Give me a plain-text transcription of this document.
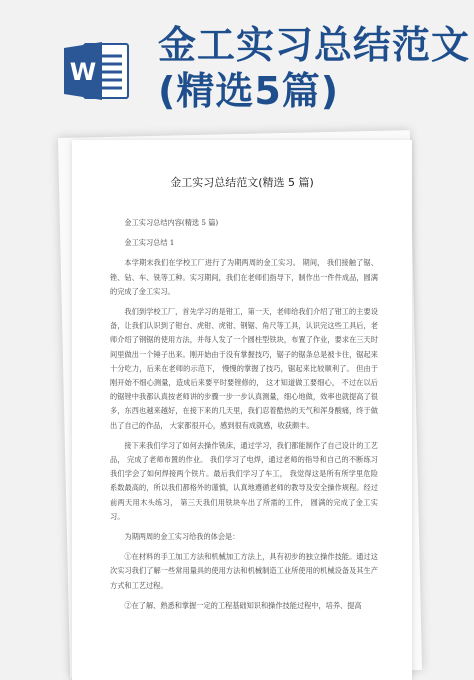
W
金工实习总结范文
(精选5篇)
金工实习总结范文(精选 5 篇)

金工实习总结内容(精选 5 篇)

金工实习总结 1

本学期末我们在学校工厂进行了为期两周的金工实习。 期间， 我们接触了锯、锉、钻、车、铣等工种。实习期间，我们在老师们指导下，制作出一件件成品，圆满的完成了金工实习。

我们到学校工厂，首先学习的是钳工，第一天，老师给我们介绍了钳工的主要设备，让我们认识到了钳台、虎钳、虎钳、钢锯、角尺等工具，认识完这些工具后，老师介绍了钢锯的使用方法，并每人发了一个圆柱型铁块，布置了作业，要求在三天时间里做出一个锤子出来。刚开始由于没有掌握技巧，锯子的锯条总是被卡住，锯起来十分吃力，后来在老师的示范下， 慢慢的掌握了技巧，锯起来比较顺利了。 但由于刚开始不细心测量，造成后来要平时要锉修的， 这才知道做工要细心， 不过在以后的锯锉中我都认真按老师讲的步骤一步一步认真测量，细心地做，效率也就提高了很多，东西也越来越好，在接下来的几天里，我们忍着酷热的天气和浑身酸痛，终于做出了自己的作品， 大家都很开心，感到很有成就感，收获颇丰。

接下来我们学习了如何去操作铣床，通过学习，我们都能制作了自己设计的工艺品， 完成了老师布置的作业。 我们学习了电焊，通过老师的指导和自己的不断练习我们学会了如何焊接两个铁片。最后我们学习了车工， 我觉得这是所有所学里危险系数最高的，所以我们都格外的谨慎，认真地遵循老师的教导及安全操作规程。经过前两天用木头练习， 第三天我们用铁块车出了所需的工件， 圆满的完成了金工实习。

为期两周的金工实习给我的体会是：

①在材料的手工加工方法和机械加工方法上，具有初步的独立操作技能。通过这次实习我们了解一些常用量具的使用方法和机械制造工业所使用的机械设备及其生产方式和工艺过程。

②在了解、熟悉和掌握一定的工程基础知识和操作技能过程中，培养、提高
